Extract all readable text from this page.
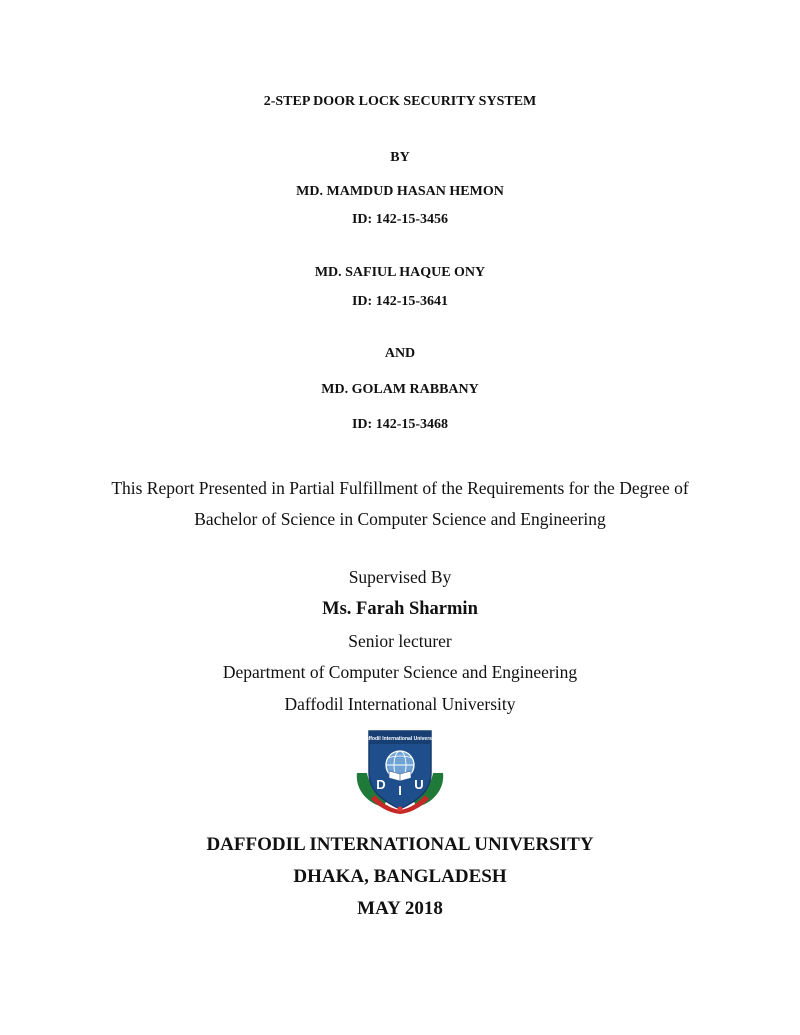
2-STEP DOOR LOCK SECURITY SYSTEM
BY
MD. MAMDUD HASAN HEMON
ID: 142-15-3456
MD. SAFIUL HAQUE ONY
ID: 142-15-3641
AND
MD. GOLAM RABBANY
ID: 142-15-3468
This Report Presented in Partial Fulfillment of the Requirements for the Degree of
Bachelor of Science in Computer Science and Engineering
Supervised By
Ms. Farah Sharmin
Senior lecturer
Department of Computer Science and Engineering
Daffodil International University
Daffodil International University
D I U
DAFFODIL INTERNATIONAL UNIVERSITY
DHAKA, BANGLADESH
MAY 2018
